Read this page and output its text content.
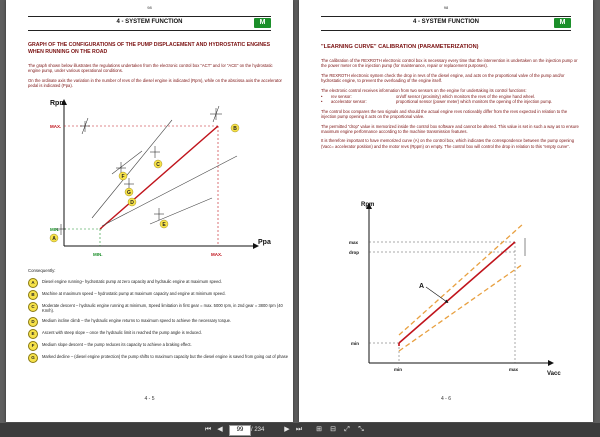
98
4 - SYSTEM FUNCTION	M
GRAPH OF THE CONFIGURATIONS OF THE PUMP DISPLACEMENT AND HYDROSTATIC ENGINES WHEN RUNNING ON THE ROAD

The graph shown below illustrates the regulations undertaken from the electronic control box “ACT” and /or “ACE” on the hydrostatic engine pump, under various operational conditions.

On the ordinate axis the variation in the number of revs of the diesel engine is indicated (Rpm), while on the abscissa axis the accelerator pedal is indicated (Ppa).

Rpm
Ppa
MAX.
MIN.
MIN.	MAX.
A
B
C
D
E
F
G
Consequently:
A	Diesel engine running– hydrostatic pump at zero capacity and hydraulic engine at maximum speed.
B	Machine at maximum speed – hydrostatic pump at maximum capacity and engine at minimum speed.
C	Moderate descent – hydraulic engine running at minimum, Speed limitation in first gear = max. 5000 rpm, in 2nd gear = 3800 rpm (40 Km/h).
D	Medium incline climb – the hydraulic engine returns to maximum speed to achieve the necessary torque.
E	Ascent with steep slope – once the hydraulic limit is reached the pump angle is reduced.
F	Medium slope descent – the pump reduces its capacity to achieve a braking effect.
G	Marked decline – (diesel engine protection) the pump shifts to maximum capacity but the diesel engine is saved from going out of phase
4 - 5
98
4 - SYSTEM FUNCTION	M
"LEARNING CURVE" CALIBRATION (PARAMETERIZATION)

The calibration of the REXROTH electronic control box is necessary every time that the intervention is undertaken on the injection pump or the power meter on the injection pump (for maintenance, repair or replacement purposes).

The REXROTH electronic system check the drop in revs of the diesel engine, and acts on the proportional valve of the pump and/or hydrostatic engine, to prevent the overloading of the engine itself.

The electronic control receives information from two sensors on the engine for undertaking its control functions:

•	rev sensor:	on/off sensor (proximity) which monitors the revs of the engine hand wheel.
•	accelerator sensor:	proportional sensor (power meter) which monitors the opening of the injection pump.

The control box compares the two signals and should the actual engine revs noticeably differ from the revs expected in relation to the injection pump opening it acts on the proportional valve.

The permitted “drop” value is memorized inside the control box software and cannot be altered. This value is set in such a way as to ensure maximum engine performance according to the machine transmission features.

It is therefore important to have memorized curve (A) on the control box, which indicates the correspondence between the pump opening (Vacc= accelerator position) and the motor revs (Rppm) on empty. The control box will control the drop in relation to this “empty curve”.

Rpm
Vacc
max
drop
min
min	max
A
4 - 6
⏮ ◀	99	/ 234	▶ ⏭ ⊞ ⊟	⤢	⤡
